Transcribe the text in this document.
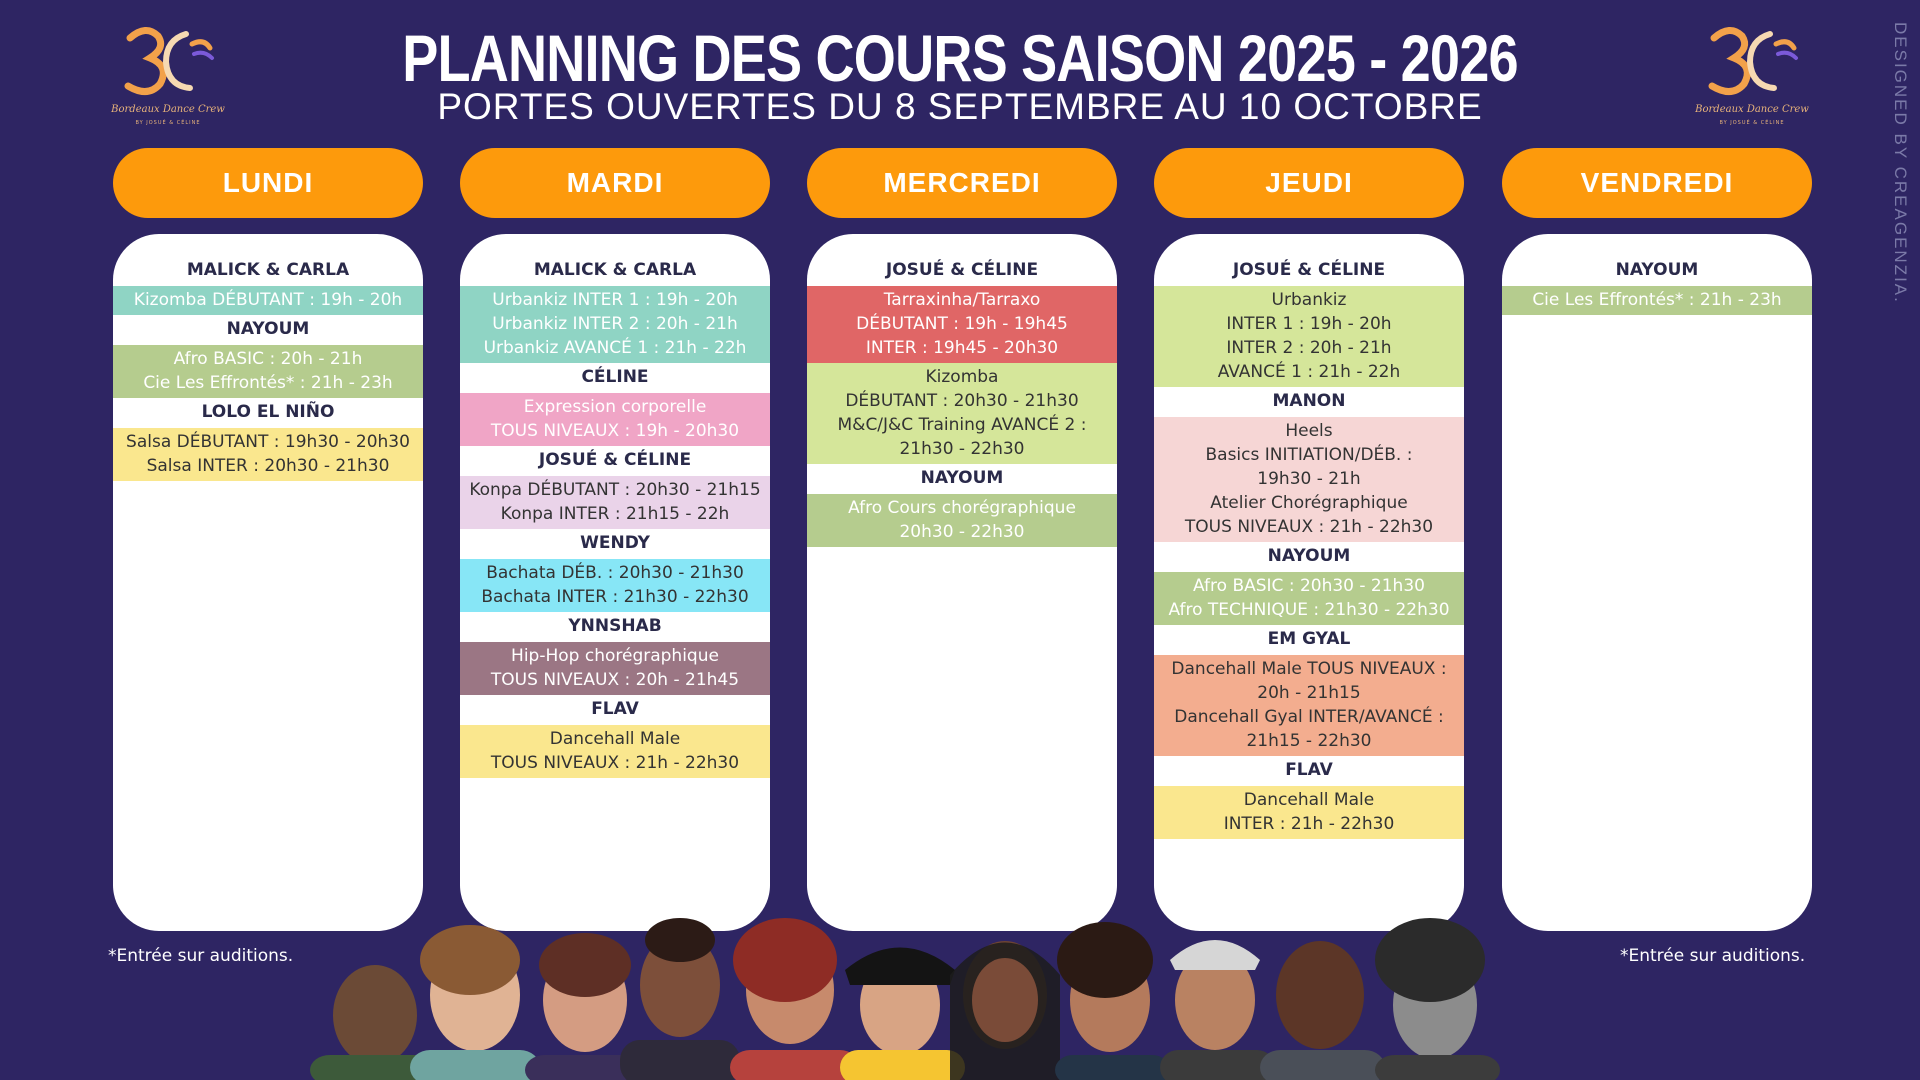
Bordeaux Dance Crew
BY JOSUÉ & CÉLINE
Bordeaux Dance Crew
BY JOSUÉ & CÉLINE
PLANNING DES COURS SAISON 2025 - 2026
PORTES OUVERTES DU 8 SEPTEMBRE AU 10 OCTOBRE	DESIGNED BY CREAGENZIA.
LUNDI	MARDI	MERCREDI	JEUDI	VENDREDI
MALICK & CARLA
Kizomba DÉBUTANT : 19h - 20h
NAYOUM
Afro BASIC : 20h - 21h
Cie Les Effrontés* : 21h - 23h
LOLO EL NIÑO
Salsa DÉBUTANT : 19h30 - 20h30
Salsa INTER : 20h30 - 21h30
MALICK & CARLA
Urbankiz INTER 1 : 19h - 20h
Urbankiz INTER 2 : 20h - 21h
Urbankiz AVANCÉ 1 : 21h - 22h
CÉLINE
Expression corporelle
TOUS NIVEAUX : 19h - 20h30
JOSUÉ & CÉLINE
Konpa DÉBUTANT : 20h30 - 21h15
Konpa INTER : 21h15 - 22h
WENDY
Bachata DÉB. : 20h30 - 21h30
Bachata INTER : 21h30 - 22h30
YNNSHAB
Hip-Hop chorégraphique
TOUS NIVEAUX : 20h - 21h45
FLAV
Dancehall Male
TOUS NIVEAUX : 21h - 22h30
JOSUÉ & CÉLINE
Tarraxinha/Tarraxo
DÉBUTANT : 19h - 19h45
INTER : 19h45 - 20h30
Kizomba
DÉBUTANT : 20h30 - 21h30
M&C/J&C Training AVANCÉ 2 :
21h30 - 22h30
NAYOUM
Afro Cours chorégraphique
20h30 - 22h30
JOSUÉ & CÉLINE
Urbankiz
INTER 1 : 19h - 20h
INTER 2 : 20h - 21h
AVANCÉ 1 : 21h - 22h
MANON
Heels
Basics INITIATION/DÉB. :
19h30 - 21h
Atelier Chorégraphique
TOUS NIVEAUX : 21h - 22h30
NAYOUM
Afro BASIC : 20h30 - 21h30
Afro TECHNIQUE : 21h30 - 22h30
EM GYAL
Dancehall Male TOUS NIVEAUX :
20h - 21h15
Dancehall Gyal INTER/AVANCÉ :
21h15 - 22h30
FLAV
Dancehall Male
INTER : 21h - 22h30
NAYOUM
Cie Les Effrontés* : 21h - 23h
*Entrée sur auditions.	*Entrée sur auditions.
